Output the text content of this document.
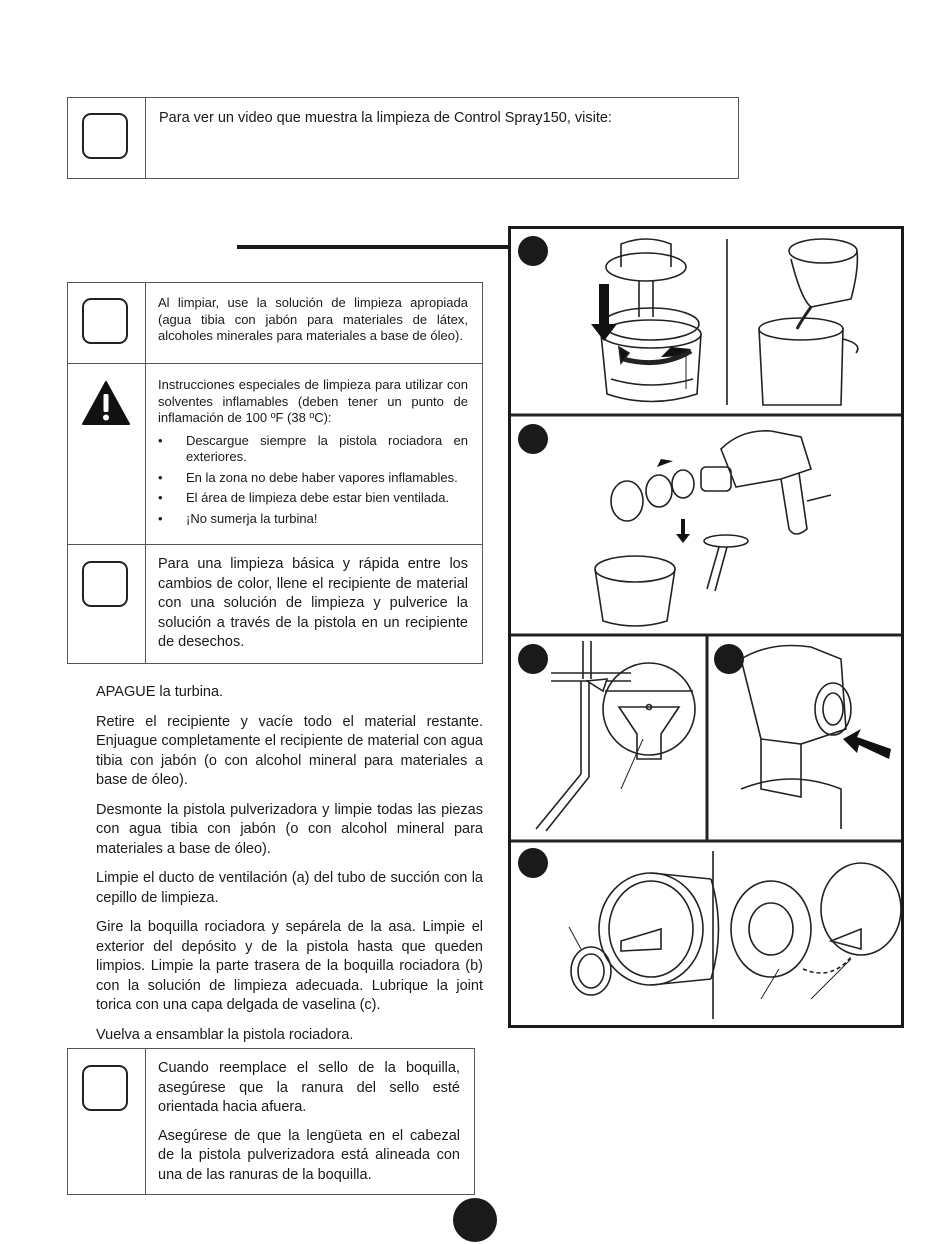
Para ver un video que muestra la limpieza de Control Spray150, visite:
Al limpiar, use la solución de limpieza apropiada (agua tibia con jabón para materiales de látex, alcoholes minerales para materiales a base de óleo).
Instrucciones especiales de limpieza para utilizar con solventes inflamables (deben tener un punto de inflamación de 100 ºF (38 ºC):
• Descargue siempre la pistola rociadora en exteriores.
• En la zona no debe haber vapores inflamables.
• El área de limpieza debe estar bien ventilada.
• ¡No sumerja la turbina!
Para una limpieza básica y rápida entre los cambios de color, llene el recipiente de material con una solución de limpieza y pulverice la solución a través de la pistola en un recipiente de desechos.

APAGUE la turbina.

Retire el recipiente y vacíe todo el material restante. Enjuague completamente el recipiente de material con agua tibia con jabón (o con alcohol mineral para materiales a base de óleo).

Desmonte la pistola pulverizadora y limpie todas las piezas con agua tibia con jabón (o con alcohol mineral para materiales a base de óleo).

Limpie el ducto de ventilación (a) del tubo de succión con la cepillo de limpieza.

Gire la boquilla rociadora y sepárela de la asa. Limpie el exterior del depósito y de la pistola hasta que queden limpios. Limpie la parte trasera de la boquilla rociadora (b) con la solución de limpieza adecuada. Lubrique la joint torica con una capa delgada de vaselina (c).

Vuelva a ensamblar la pistola rociadora.

Cuando reemplace el sello de la boquilla, asegúrese que la ranura del sello esté orientada hacia afuera.
Asegúrese de que la lengüeta en el cabezal de la pistola pulverizadora está alineada con una de las ranuras de la boquilla.
